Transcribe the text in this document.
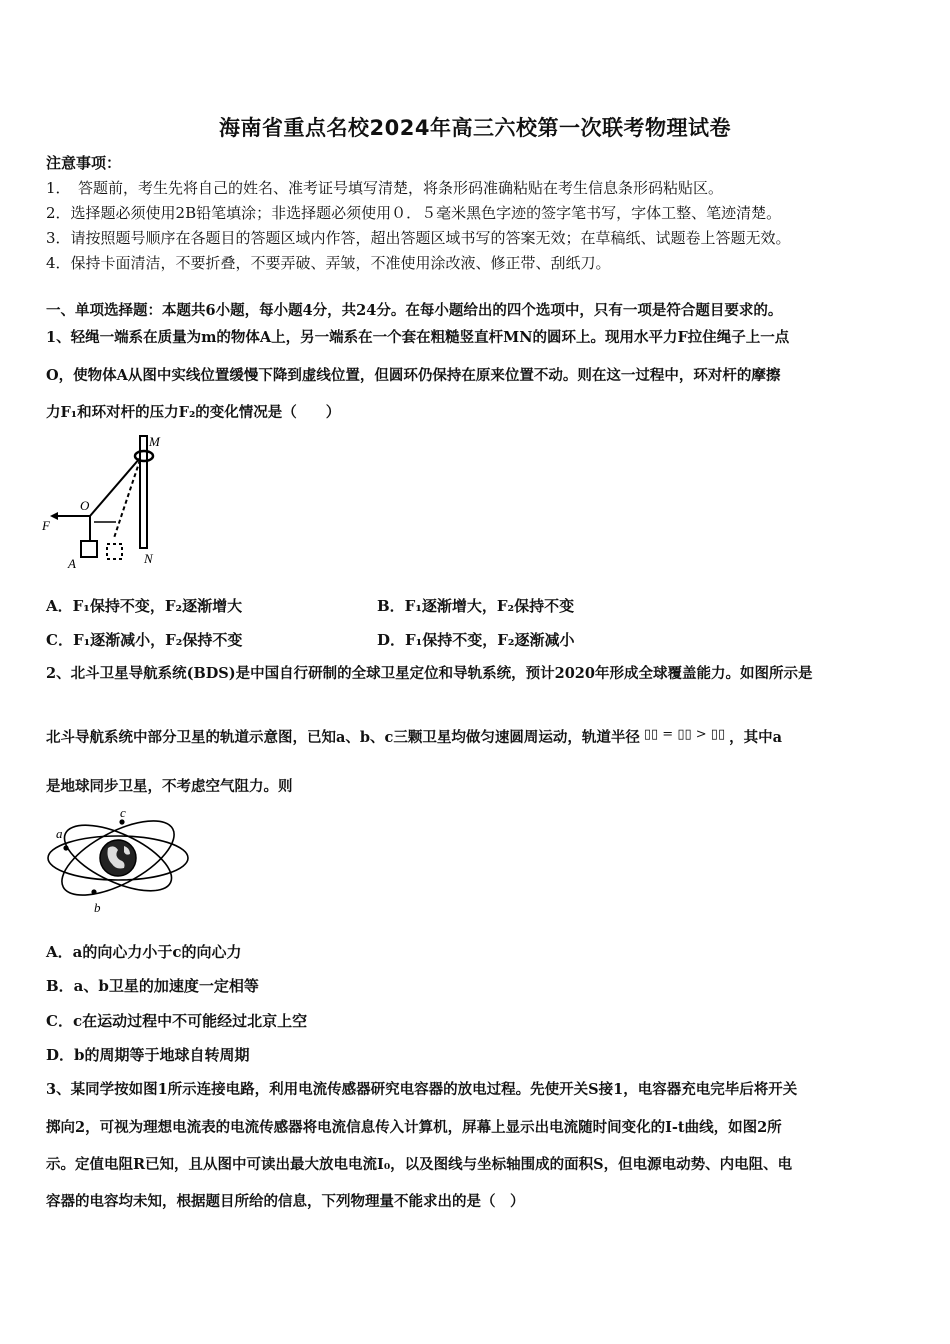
海南省重点名校2024年高三六校第一次联考物理试卷
注意事项：
1．　答题前，考生先将自己的姓名、准考证号填写清楚，将条形码准确粘贴在考生信息条形码粘贴区。
2．选择题必须使用2B铅笔填涂；非选择题必须使用０．５毫米黑色字迹的签字笔书写，字体工整、笔迹清楚。
3．请按照题号顺序在各题目的答题区域内作答，超出答题区域书写的答案无效；在草稿纸、试题卷上答题无效。
4．保持卡面清洁，不要折叠，不要弄破、弄皱，不准使用涂改液、修正带、刮纸刀。
一、单项选择题：本题共6小题，每小题4分，共24分。在每小题给出的四个选项中，只有一项是符合题目要求的。
1、轻绳一端系在质量为m的物体A上，另一端系在一个套在粗糙竖直杆MN的圆环上。现用水平力F拉住绳子上一点
O，使物体A从图中实线位置缓慢下降到虚线位置，但圆环仍保持在原来位置不动。则在这一过程中，环对杆的摩擦
力F₁和环对杆的压力F₂的变化情况是（　　）
M
N
O
F
A
A．F₁保持不变，F₂逐渐增大	B．F₁逐渐增大，F₂保持不变
C．F₁逐渐减小，F₂保持不变	D．F₁保持不变，F₂逐渐减小
2、北斗卫星导航系统(BDS)是中国自行研制的全球卫星定位和导轨系统，预计2020年形成全球覆盖能力。如图所示是
北斗导航系统中部分卫星的轨道示意图，已知a、b、c三颗卫星均做匀速圆周运动，轨道半径 ▯▯ = ▯▯ > ▯▯ ，其中a
是地球同步卫星，不考虑空气阻力。则
a
b
c
A．a的向心力小于c的向心力
B．a、b卫星的加速度一定相等
C．c在运动过程中不可能经过北京上空
D．b的周期等于地球自转周期
3、某同学按如图1所示连接电路，利用电流传感器研究电容器的放电过程。先使开关S接1，电容器充电完毕后将开关
掷向2，可视为理想电流表的电流传感器将电流信息传入计算机，屏幕上显示出电流随时间变化的I-t曲线，如图2所
示。定值电阻R已知，且从图中可读出最大放电电流I₀，以及图线与坐标轴围成的面积S，但电源电动势、内电阻、电
容器的电容均未知，根据题目所给的信息，下列物理量不能求出的是（　）
